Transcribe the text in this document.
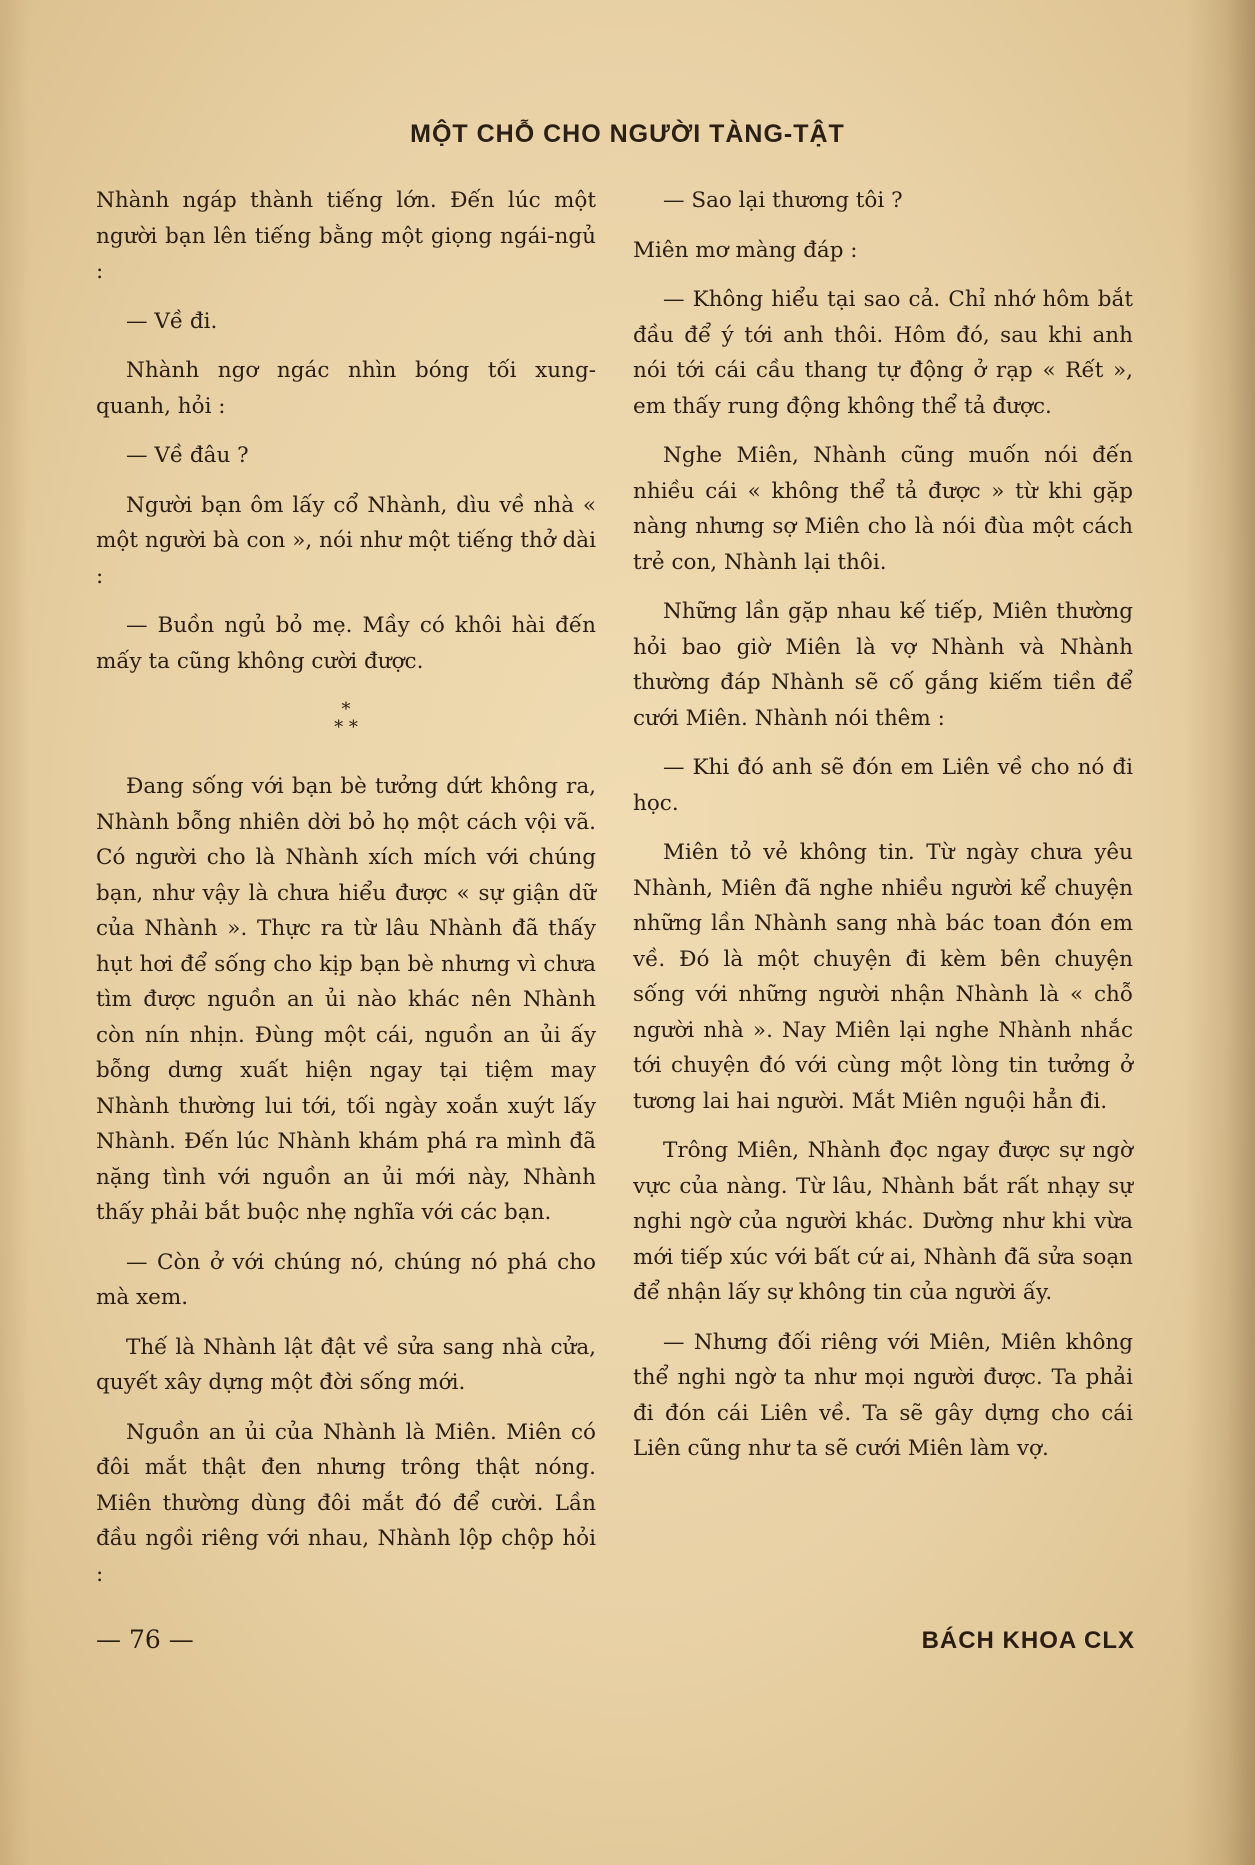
MỘT CHỖ CHO NGƯỜI TÀNG-TẬT

Nhành ngáp thành tiếng lớn. Đến lúc một người bạn lên tiếng bằng một giọng ngái-ngủ :

— Về đi.

Nhành ngơ ngác nhìn bóng tối xung-quanh, hỏi :

— Về đâu ?

Người bạn ôm lấy cổ Nhành, dìu về nhà « một người bà con », nói như một tiếng thở dài :

— Buồn ngủ bỏ mẹ. Mầy có khôi hài đến mấy ta cũng không cười được.

*
* *

Đang sống với bạn bè tưởng dứt không ra, Nhành bỗng nhiên dời bỏ họ một cách vội vã. Có người cho là Nhành xích mích với chúng bạn, như vậy là chưa hiểu được « sự giận dữ của Nhành ». Thực ra từ lâu Nhành đã thấy hụt hơi để sống cho kịp bạn bè nhưng vì chưa tìm được nguồn an ủi nào khác nên Nhành còn nín nhịn. Đùng một cái, nguồn an ủi ấy bỗng dưng xuất hiện ngay tại tiệm may Nhành thường lui tới, tối ngày xoắn xuýt lấy Nhành. Đến lúc Nhành khám phá ra mình đã nặng tình với nguồn an ủi mới này, Nhành thấy phải bắt buộc nhẹ nghĩa với các bạn.

— Còn ở với chúng nó, chúng nó phá cho mà xem.

Thế là Nhành lật đật về sửa sang nhà cửa, quyết xây dựng một đời sống mới.

Nguồn an ủi của Nhành là Miên. Miên có đôi mắt thật đen nhưng trông thật nóng. Miên thường dùng đôi mắt đó để cười. Lần đầu ngồi riêng với nhau, Nhành lộp chộp hỏi :

— Sao lại thương tôi ?

Miên mơ màng đáp :

— Không hiểu tại sao cả. Chỉ nhớ hôm bắt đầu để ý tới anh thôi. Hôm đó, sau khi anh nói tới cái cầu thang tự động ở rạp « Rết », em thấy rung động không thể tả được.

Nghe Miên, Nhành cũng muốn nói đến nhiều cái « không thể tả được » từ khi gặp nàng nhưng sợ Miên cho là nói đùa một cách trẻ con, Nhành lại thôi.

Những lần gặp nhau kế tiếp, Miên thường hỏi bao giờ Miên là vợ Nhành và Nhành thường đáp Nhành sẽ cố gắng kiếm tiền để cưới Miên. Nhành nói thêm :

— Khi đó anh sẽ đón em Liên về cho nó đi học.

Miên tỏ vẻ không tin. Từ ngày chưa yêu Nhành, Miên đã nghe nhiều người kể chuyện những lần Nhành sang nhà bác toan đón em về. Đó là một chuyện đi kèm bên chuyện sống với những người nhận Nhành là « chỗ người nhà ». Nay Miên lại nghe Nhành nhắc tới chuyện đó với cùng một lòng tin tưởng ở tương lai hai người. Mắt Miên nguội hẳn đi.

Trông Miên, Nhành đọc ngay được sự ngờ vực của nàng. Từ lâu, Nhành bắt rất nhạy sự nghi ngờ của người khác. Dường như khi vừa mới tiếp xúc với bất cứ ai, Nhành đã sửa soạn để nhận lấy sự không tin của người ấy.

— Nhưng đối riêng với Miên, Miên không thể nghi ngờ ta như mọi người được. Ta phải đi đón cái Liên về. Ta sẽ gây dựng cho cái Liên cũng như ta sẽ cưới Miên làm vợ.

— 76 —	BÁCH KHOA CLX
